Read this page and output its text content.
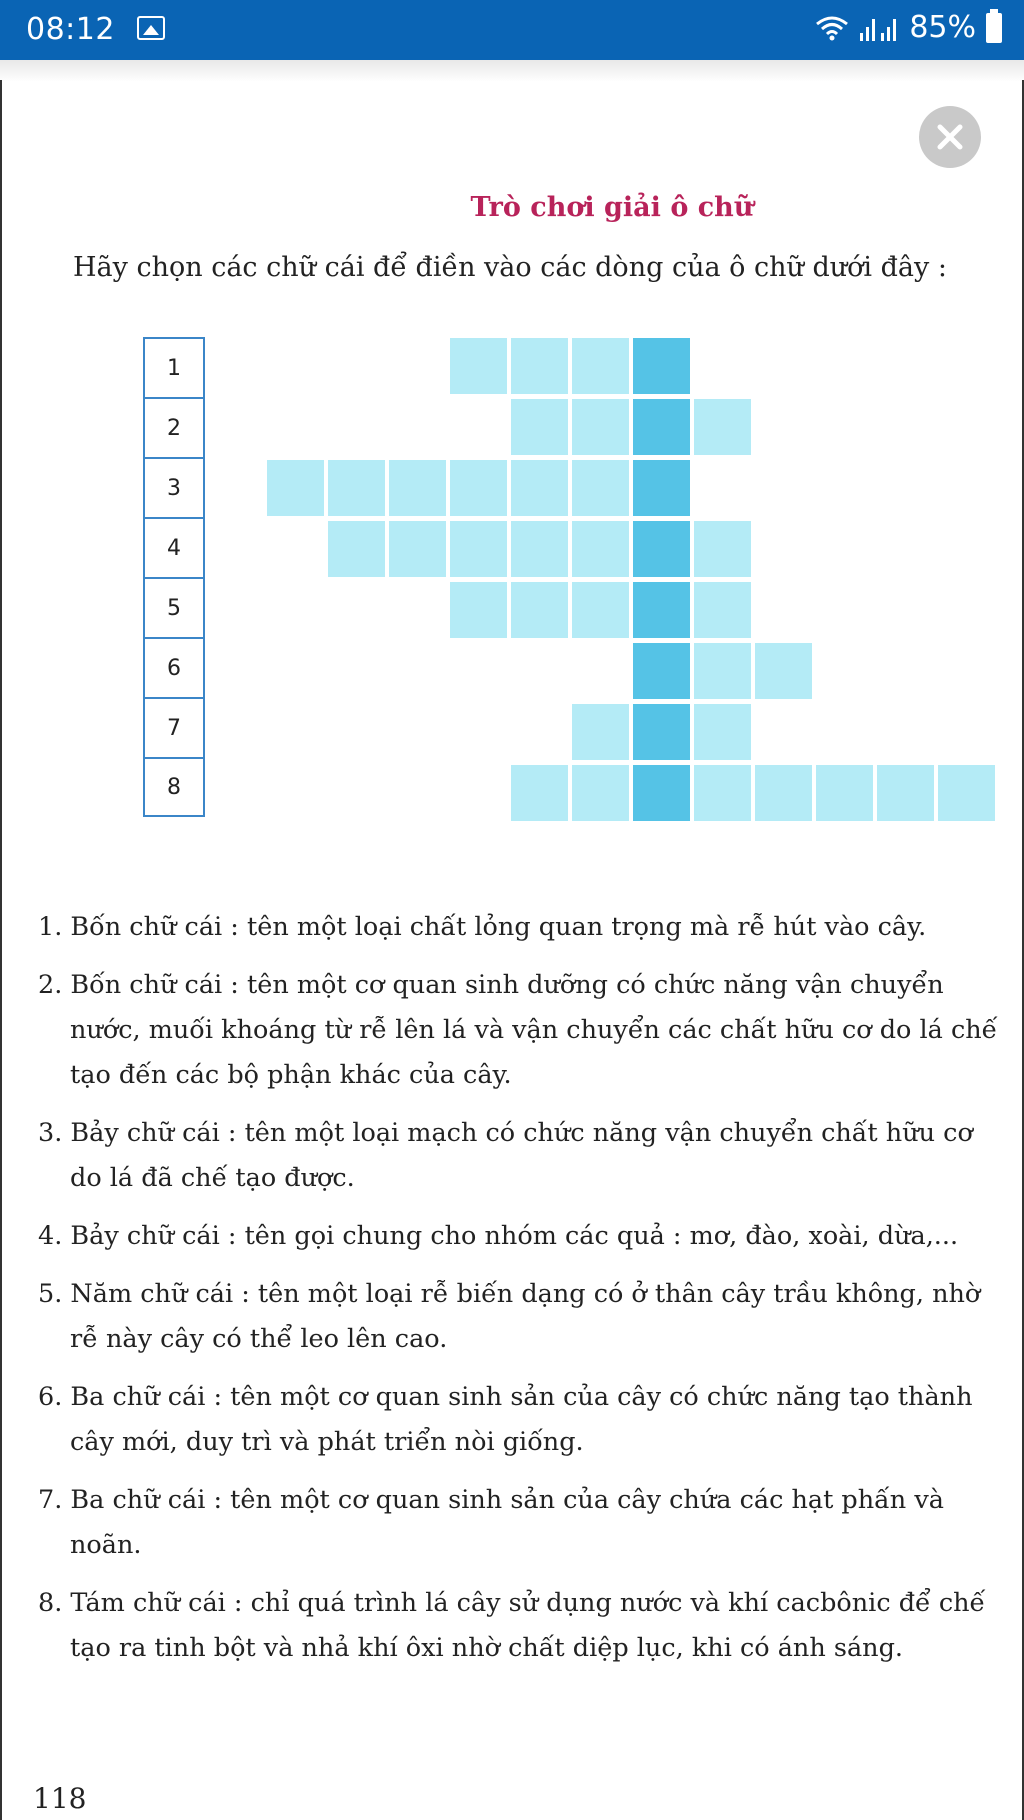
08:12	85%
Trò chơi giải ô chữ
Hãy chọn các chữ cái để điền vào các dòng của ô chữ dưới đây :
1
2
3
4
5
6
7
8
1. Bốn chữ cái : tên một loại chất lỏng quan trọng mà rễ hút vào cây.
2. Bốn chữ cái : tên một cơ quan sinh dưỡng có chức năng vận chuyển nước, muối khoáng từ rễ lên lá và vận chuyển các chất hữu cơ do lá chế tạo đến các bộ phận khác của cây.
3. Bảy chữ cái : tên một loại mạch có chức năng vận chuyển chất hữu cơ do lá đã chế tạo được.
4. Bảy chữ cái : tên gọi chung cho nhóm các quả : mơ, đào, xoài, dừa,...
5. Năm chữ cái : tên một loại rễ biến dạng có ở thân cây trầu không, nhờ rễ này cây có thể leo lên cao.
6. Ba chữ cái : tên một cơ quan sinh sản của cây có chức năng tạo thành cây mới, duy trì và phát triển nòi giống.
7. Ba chữ cái : tên một cơ quan sinh sản của cây chứa các hạt phấn và noãn.
8. Tám chữ cái : chỉ quá trình lá cây sử dụng nước và khí cacbônic để chế tạo ra tinh bột và nhả khí ôxi nhờ chất diệp lục, khi có ánh sáng.
118
